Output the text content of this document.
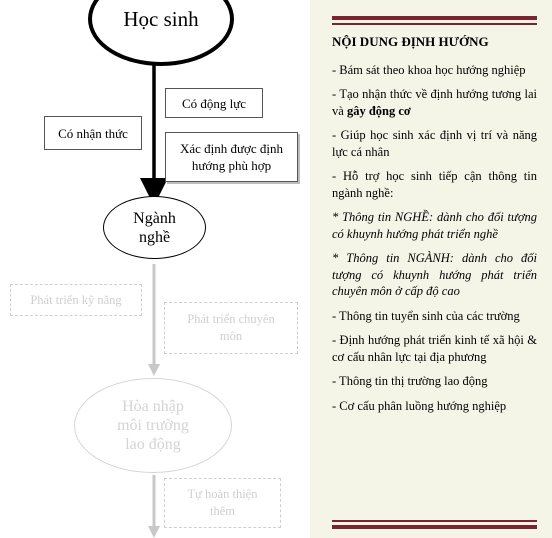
Học sinh
Có động lực
Có nhận thức
Xác định được định
hướng phù hợp
Ngành
nghề
Phát triển kỹ năng
Phát triển chuyên
môn
Hòa nhập
môi trường
lao động
Tự hoàn thiện
thêm

NỘI DUNG ĐỊNH HƯỚNG

- Bám sát theo khoa học hướng nghiệp

- Tạo nhận thức về định hướng tương lai và gây động cơ

- Giúp học sinh xác định vị trí và năng lực cá nhân

- Hỗ trợ học sinh tiếp cận thông tin ngành nghề:

* Thông tin NGHỀ: dành cho đối tượng có khuynh hướng phát triển nghề

* Thông tin NGÀNH: dành cho đối tượng có khuynh hướng phát triển chuyên môn ở cấp độ cao

- Thông tin tuyển sinh của các trường

- Định hướng phát triển kinh tế xã hội & cơ cấu nhân lực tại địa phương

- Thông tin thị trường lao động

- Cơ cấu phân luồng hướng nghiệp
